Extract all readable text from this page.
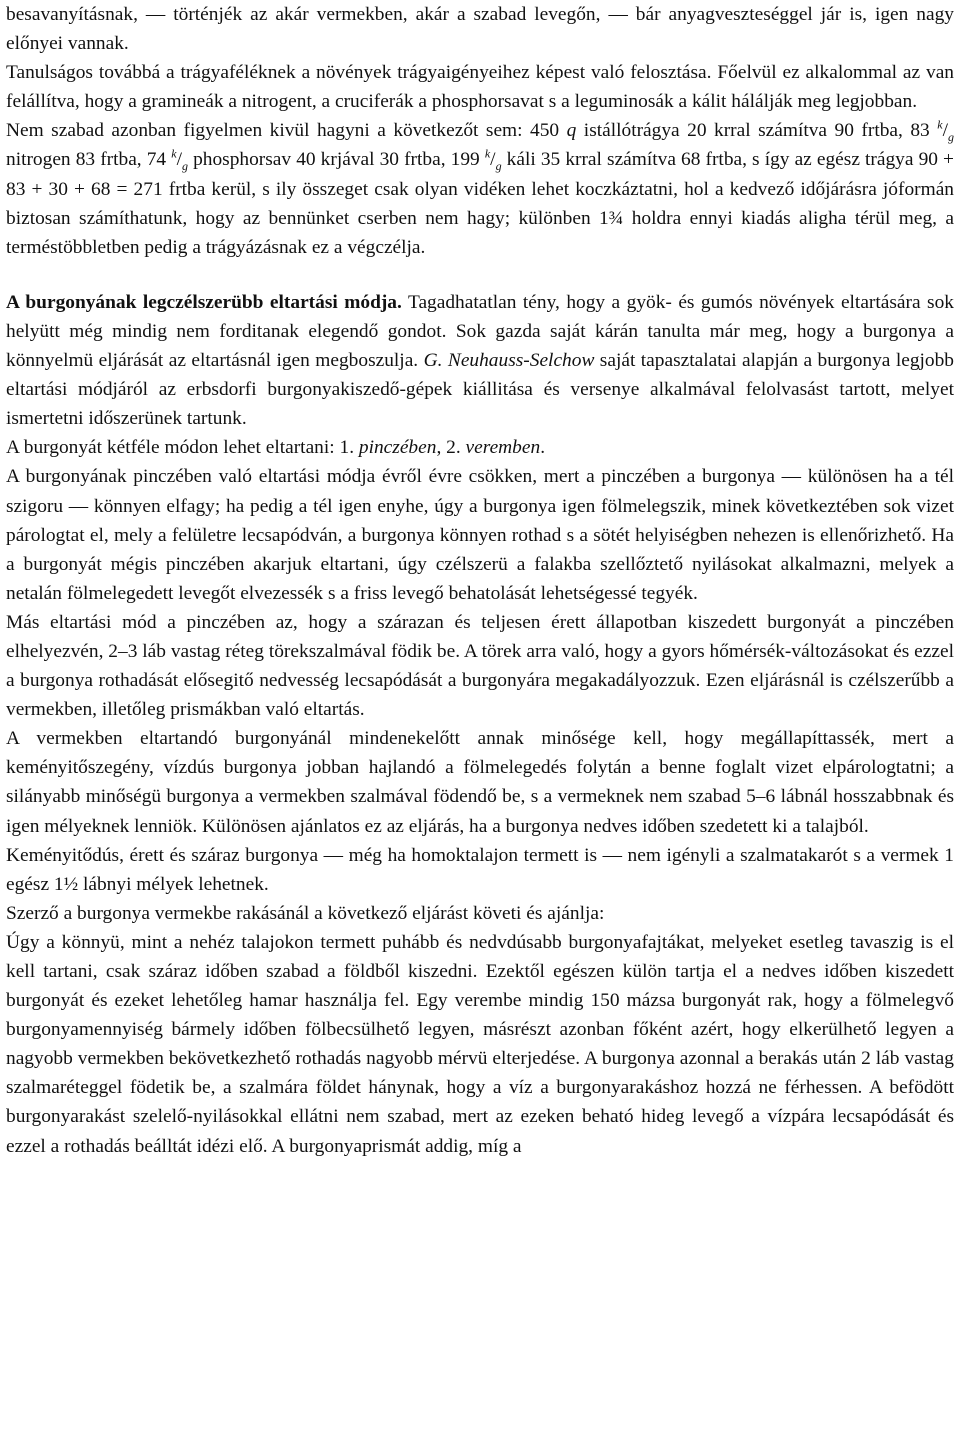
besavanyításnak, — történjék az akár vermekben, akár a szabad levegőn, — bár anyagveszteséggel jár is, igen nagy előnyei vannak.

Tanulságos továbbá a trágyaféléknek a növények trágyaigényeihez képest való felosztása. Főelvül ez alkalommal az van felállítva, hogy a gramineák a nitrogent, a cruciferák a phosphorsavat s a leguminosák a kálit hálálják meg legjobban.

Nem szabad azonban figyelmen kivül hagyni a következőt sem: 450 q istállótrágya 20 krral számítva 90 frtba, 83 $^k/_g$ nitrogen 83 frtba, 74 $^k/_g$ phosphorsav 40 krjával 30 frtba, 199 $^k/_g$ káli 35 krral számítva 68 frtba, s így az egész trágya 90 + 83 + 30 + 68 = 271 frtba kerül, s ily összeget csak olyan vidéken lehet koczkáztatni, hol a kedvező időjárásra jóformán biztosan számíthatunk, hogy az bennünket cserben nem hagy; különben 1¾ holdra ennyi kiadás aligha térül meg, a terméstöbbletben pedig a trágyázásnak ez a végczélja.

A burgonyának legczélszerübb eltartási módja. Tagadhatatlan tény, hogy a gyök- és gumós növények eltartására sok helyütt még mindig nem forditanak elegendő gondot. Sok gazda saját kárán tanulta már meg, hogy a burgonya a könnyelmü eljárását az eltartásnál igen megboszulja. G. Neuhauss-Selchow saját tapasztalatai alapján a burgonya legjobb eltartási módjáról az erbsdorfi burgonyakiszedő-gépek kiállitása és versenye alkalmával felolvasást tartott, melyet ismertetni időszerünek tartunk.

A burgonyát kétféle módon lehet eltartani: 1. pinczében, 2. veremben.

A burgonyának pinczében való eltartási módja évről évre csökken, mert a pinczében a burgonya — különösen ha a tél szigoru — könnyen elfagy; ha pedig a tél igen enyhe, úgy a burgonya igen fölmelegszik, minek következtében sok vizet párologtat el, mely a felületre lecsapódván, a burgonya könnyen rothad s a sötét helyiségben nehezen is ellenőrizhető. Ha a burgonyát mégis pinczében akarjuk eltartani, úgy czélszerü a falakba szellőztető nyilásokat alkalmazni, melyek a netalán fölmelegedett levegőt elvezessék s a friss levegő behatolását lehetségessé tegyék.

Más eltartási mód a pinczében az, hogy a szárazan és teljesen érett állapotban kiszedett burgonyát a pinczében elhelyezvén, 2–3 láb vastag réteg törekszalmával födik be. A törek arra való, hogy a gyors hőmérsék-változásokat és ezzel a burgonya rothadását elősegitő nedvesség lecsapódását a burgonyára megakadályozzuk. Ezen eljárásnál is czélszerűbb a vermekben, illetőleg prismákban való eltartás.

A vermekben eltartandó burgonyánál mindenekelőtt annak minősége kell, hogy megállapíttassék, mert a keményitőszegény, vízdús burgonya jobban hajlandó a fölmelegedés folytán a benne foglalt vizet elpárologtatni; a silányabb minőségü burgonya a vermekben szalmával födendő be, s a vermeknek nem szabad 5–6 lábnál hosszabbnak és igen mélyeknek lenniök. Különösen ajánlatos ez az eljárás, ha a burgonya nedves időben szedetett ki a talajból.

Keményitődús, érett és száraz burgonya — még ha homoktalajon termett is — nem igényli a szalmatakarót s a vermek 1 egész 1½ lábnyi mélyek lehetnek.

Szerző a burgonya vermekbe rakásánál a következő eljárást követi és ajánlja:

Úgy a könnyü, mint a nehéz talajokon termett puhább és nedvdúsabb burgonyafajtákat, melyeket esetleg tavaszig is el kell tartani, csak száraz időben szabad a földből kiszedni. Ezektől egészen külön tartja el a nedves időben kiszedett burgonyát és ezeket lehetőleg hamar használja fel. Egy verembe mindig 150 mázsa burgonyát rak, hogy a fölmelegvő burgonyamennyiség bármely időben fölbecsülhető legyen, másrészt azonban főként azért, hogy elkerülhető legyen a nagyobb vermekben bekövetkezhető rothadás nagyobb mérvü elterjedése. A burgonya azonnal a berakás után 2 láb vastag szalmaréteggel födetik be, a szalmára földet hánynak, hogy a víz a burgonyarakáshoz hozzá ne férhessen. A befödött burgonyarakást szelelő-nyilásokkal ellátni nem szabad, mert az ezeken beható hideg levegő a vízpára lecsapódását és ezzel a rothadás beálltát idézi elő. A burgonyaprismát addig, míg a
